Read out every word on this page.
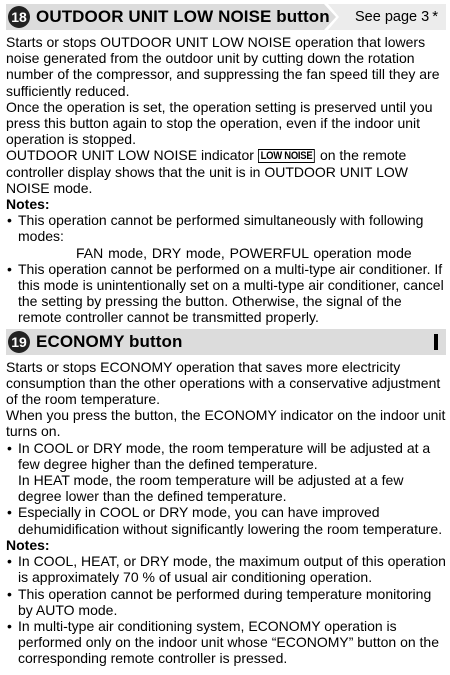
18 OUTDOOR UNIT LOW NOISE button See page 3 *

Starts or stops OUTDOOR UNIT LOW NOISE operation that lowers noise generated from the outdoor unit by cutting down the rotation number of the compressor, and suppressing the fan speed till they are sufficiently reduced.

Once the operation is set, the operation setting is preserved until you press this button again to stop the operation, even if the indoor unit operation is stopped.

OUTDOOR UNIT LOW NOISE indicator LOW NOISE on the remote controller display shows that the unit is in OUTDOOR UNIT LOW NOISE mode.

Notes:

• This operation cannot be performed simultaneously with following modes:

FAN mode, DRY mode, POWERFUL operation mode

• This operation cannot be performed on a multi-type air conditioner. If this mode is unintentionally set on a multi-type air conditioner, cancel the setting by pressing the button. Otherwise, the signal of the remote controller cannot be transmitted properly.

19 ECONOMY button

Starts or stops ECONOMY operation that saves more electricity consumption than the other operations with a conservative adjustment of the room temperature.

When you press the button, the ECONOMY indicator on the indoor unit turns on.

• In COOL or DRY mode, the room temperature will be adjusted at a few degree higher than the defined temperature.

In HEAT mode, the room temperature will be adjusted at a few degree lower than the defined temperature.

• Especially in COOL or DRY mode, you can have improved dehumidification without significantly lowering the room temperature.

Notes:

• In COOL, HEAT, or DRY mode, the maximum output of this operation is approximately 70 % of usual air conditioning operation.

• This operation cannot be performed during temperature monitoring by AUTO mode.

• In multi-type air conditioning system, ECONOMY operation is performed only on the indoor unit whose “ECONOMY” button on the corresponding remote controller is pressed.
